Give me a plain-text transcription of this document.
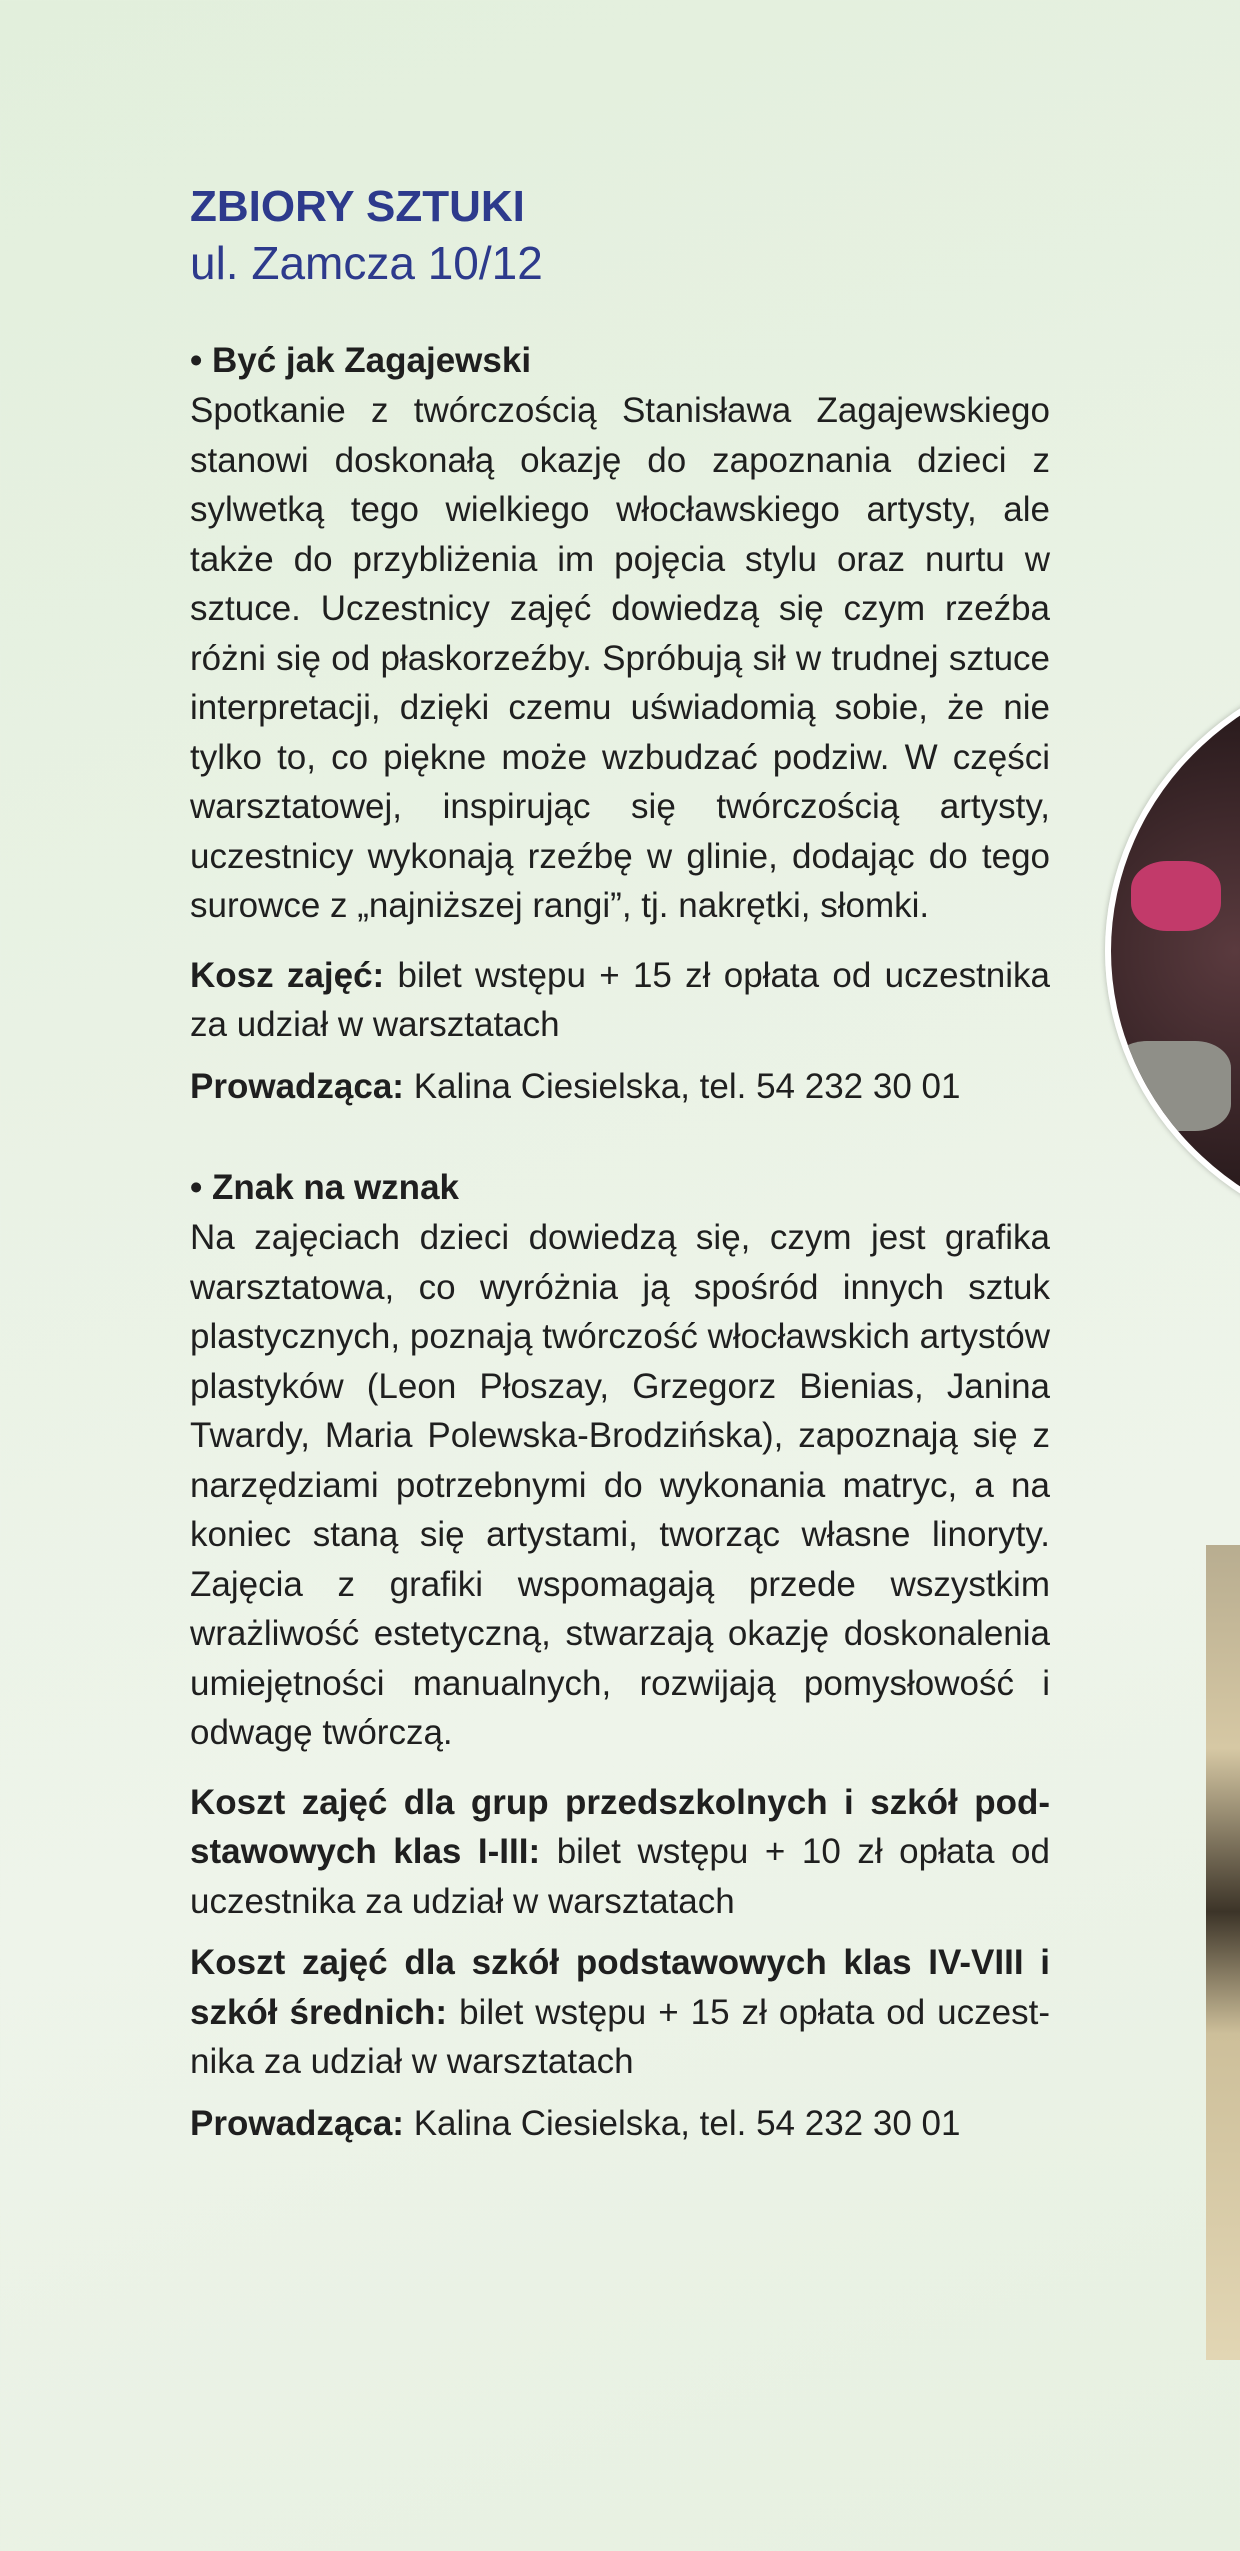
ZBIORY SZTUKI

ul. Zamcza 10/12

• Być jak Zagajewski

Spotkanie z twórczością Stanisława Zagajewskiego stanowi doskonałą okazję do zapoznania dzieci z sylwetką tego wielkiego włocławskiego artysty, ale także do przybliżenia im pojęcia stylu oraz nurtu w sztuce. Uczestnicy zajęć dowiedzą się czym rzeźba różni się od płaskorzeźby. Spróbują sił w trudnej sztuce interpretacji, dzięki czemu uświadomią sobie, że nie tylko to, co piękne może wzbudzać podziw. W części warsztatowej, inspirując się twórczością artysty, uczestnicy wykonają rzeźbę w glinie, dodając do tego surowce z „najniższej rangi”, tj. nakrętki, słomki.

Kosz zajęć: bilet wstępu + 15 zł opłata od uczestnika za udział w warsztatach

Prowadząca: Kalina Ciesielska, tel. 54 232 30 01

• Znak na wznak

Na zajęciach dzieci dowiedzą się, czym jest grafika warsztatowa, co wyróżnia ją spośród innych sztuk plastycznych, poznają twórczość włocławskich artystów plastyków (Leon Płoszay, Grzegorz Bienias, Janina Twardy, Maria Polewska-Brodzińska), zapoznają się z narzędziami potrzebnymi do wykonania matryc, a na koniec staną się artystami, tworząc własne linoryty. Zajęcia z grafiki wspomagają przede wszystkim wrażliwość estetyczną, stwarzają okazję doskonalenia umiejętności manualnych, rozwijają pomysłowość i odwagę twórczą.

Koszt zajęć dla grup przedszkolnych i szkół podstawowych klas I-III: bilet wstępu + 10 zł opłata od uczestnika za udział w warsztatach

Koszt zajęć dla szkół podstawowych klas IV-VIII i szkół średnich: bilet wstępu + 15 zł opłata od uczestnika za udział w warsztatach

Prowadząca: Kalina Ciesielska, tel. 54 232 30 01
